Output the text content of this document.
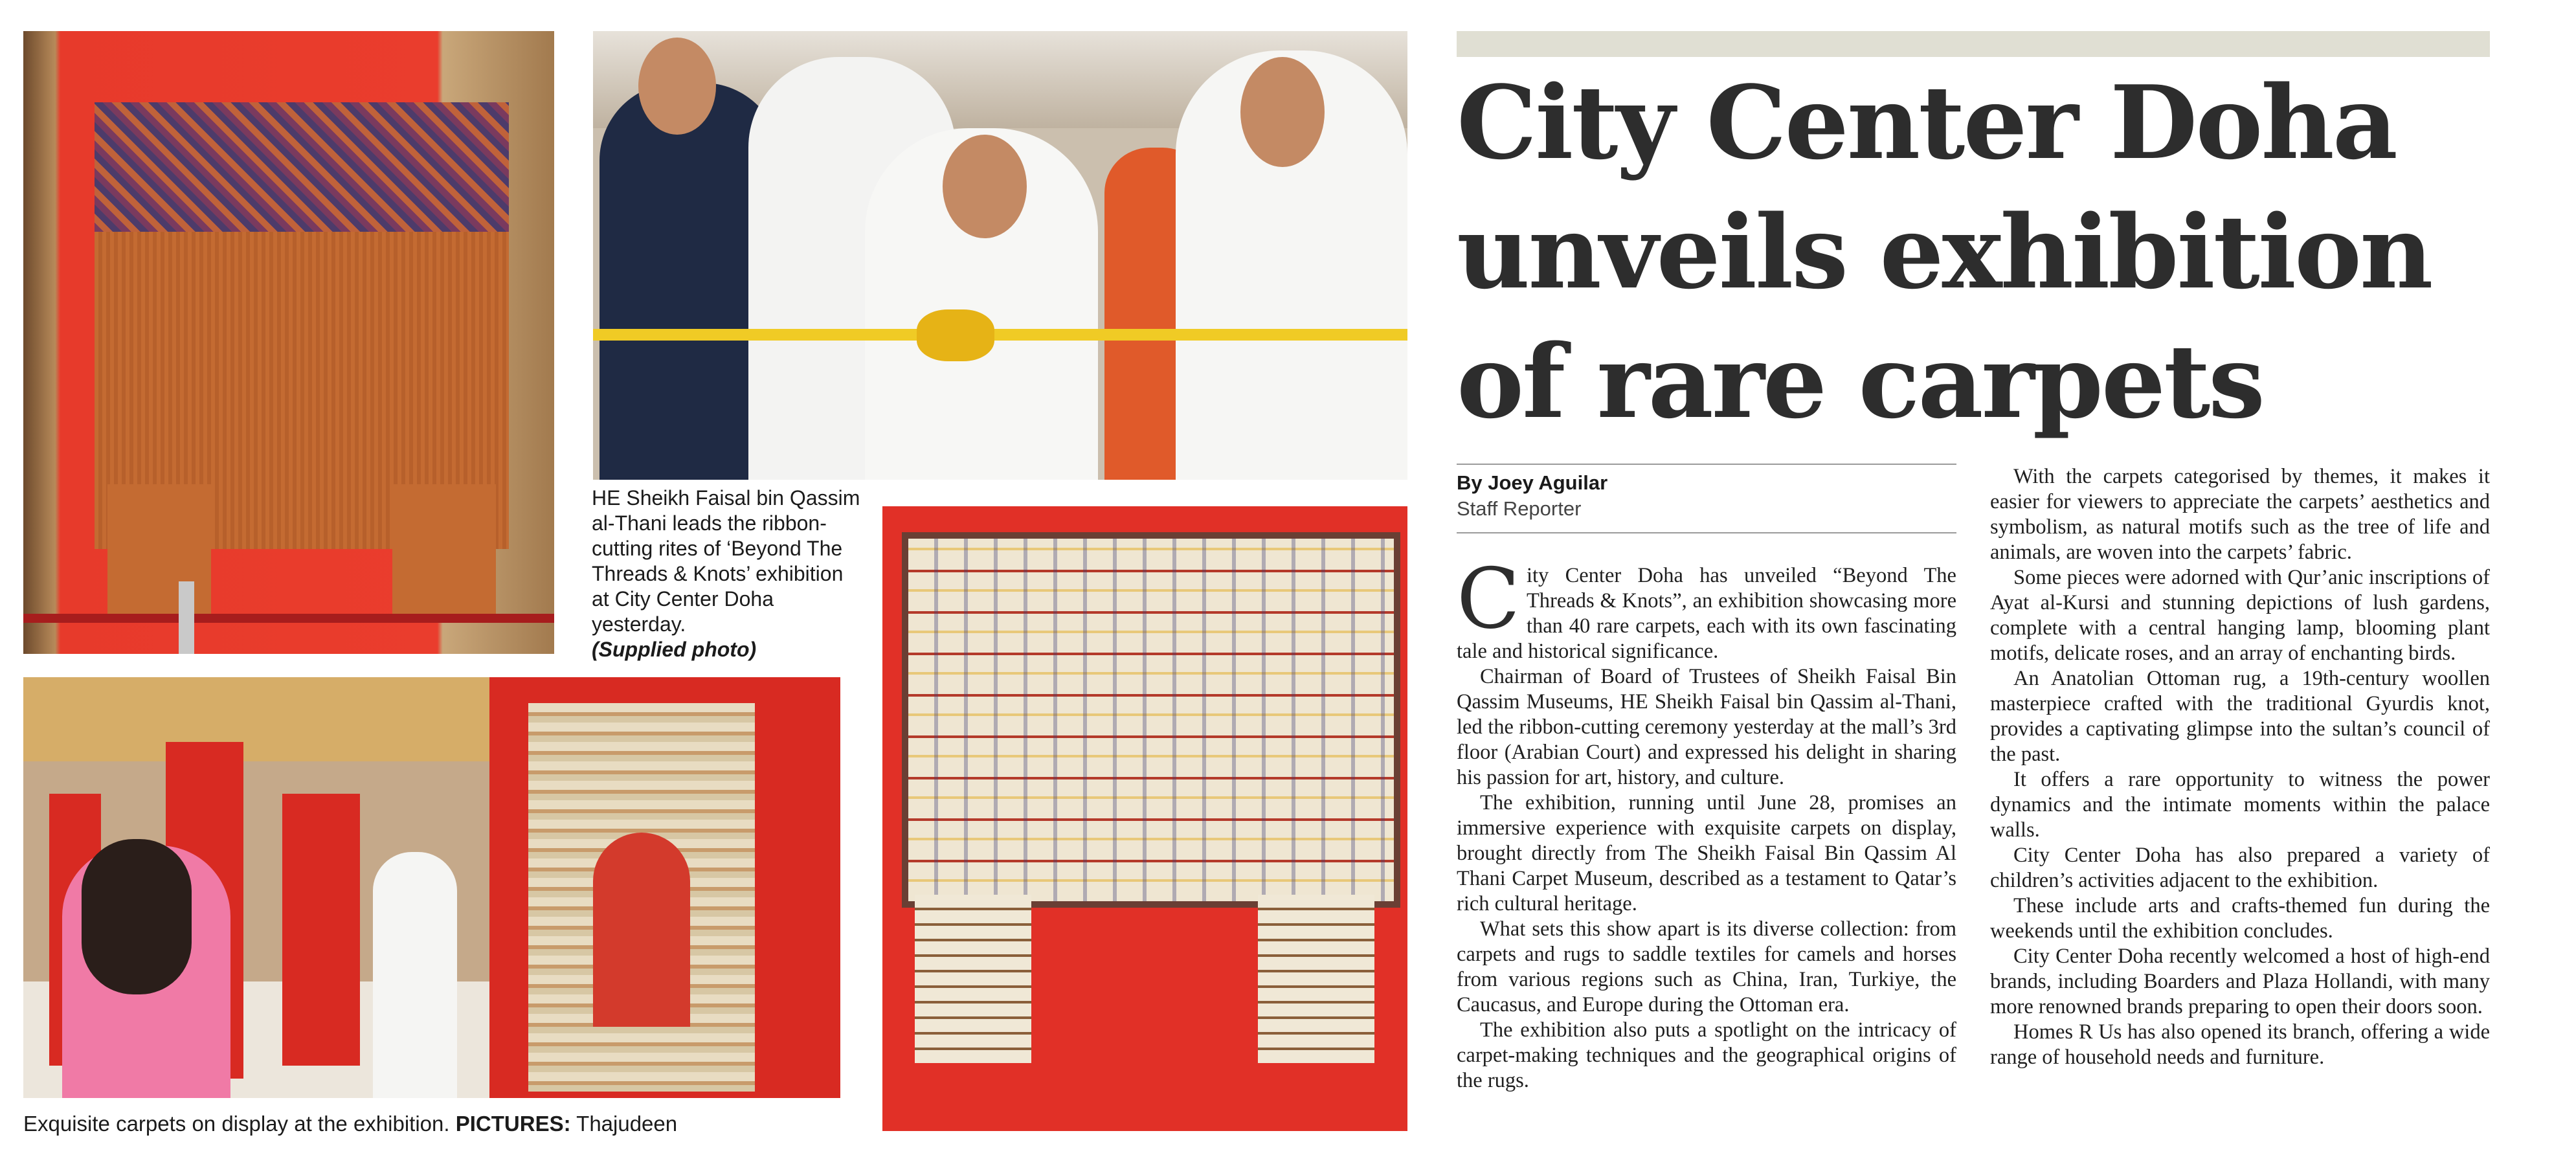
HE Sheikh Faisal bin Qassim al-Thani leads the ribbon-cutting rites of ‘Beyond The Threads & Knots’ exhibition at City Center Doha yesterday.
(Supplied photo)
Exquisite carpets on display at the exhibition. PICTURES: Thajudeen
City Center Doha unveils exhibition of rare carpets
By Joey Aguilar
Staff Reporter

City Center Doha has unveiled “Beyond The Threads & Knots”, an exhibition showcasing more than 40 rare carpets, each with its own fascinating tale and historical significance.

Chairman of Board of Trustees of Sheikh Faisal Bin Qassim Museums, HE Sheikh Faisal bin Qassim al-Thani, led the ribbon-cutting ceremony yesterday at the mall’s 3rd floor (Arabian Court) and expressed his delight in sharing his passion for art, history, and culture.

The exhibition, running until June 28, promises an immersive experience with exquisite carpets on display, brought directly from The Sheikh Faisal Bin Qassim Al Thani Carpet Museum, described as a testament to Qatar’s rich cultural heritage.

What sets this show apart is its diverse collection: from carpets and rugs to saddle textiles for camels and horses from various regions such as China, Iran, Turkiye, the Caucasus, and Europe during the Ottoman era.

The exhibition also puts a spotlight on the intricacy of carpet-making techniques and the geographical origins of the rugs.

With the carpets categorised by themes, it makes it easier for viewers to appreciate the carpets’ aesthetics and symbolism, as natural motifs such as the tree of life and animals, are woven into the carpets’ fabric.

Some pieces were adorned with Qur’anic inscriptions of Ayat al-Kursi and stunning depictions of lush gardens, complete with a central hanging lamp, blooming plant motifs, delicate roses, and an array of enchanting birds.

An Anatolian Ottoman rug, a 19th-century woollen masterpiece crafted with the traditional Gyurdis knot, provides a captivating glimpse into the sultan’s council of the past.

It offers a rare opportunity to witness the power dynamics and the intimate moments within the palace walls.

City Center Doha has also prepared a variety of children’s activities adjacent to the exhibition.

These include arts and crafts-themed fun during the weekends until the exhibition concludes.

City Center Doha recently welcomed a host of high-end brands, including Boarders and Plaza Hollandi, with many more renowned brands preparing to open their doors soon.

Homes R Us has also opened its branch, offering a wide range of household needs and furniture.
